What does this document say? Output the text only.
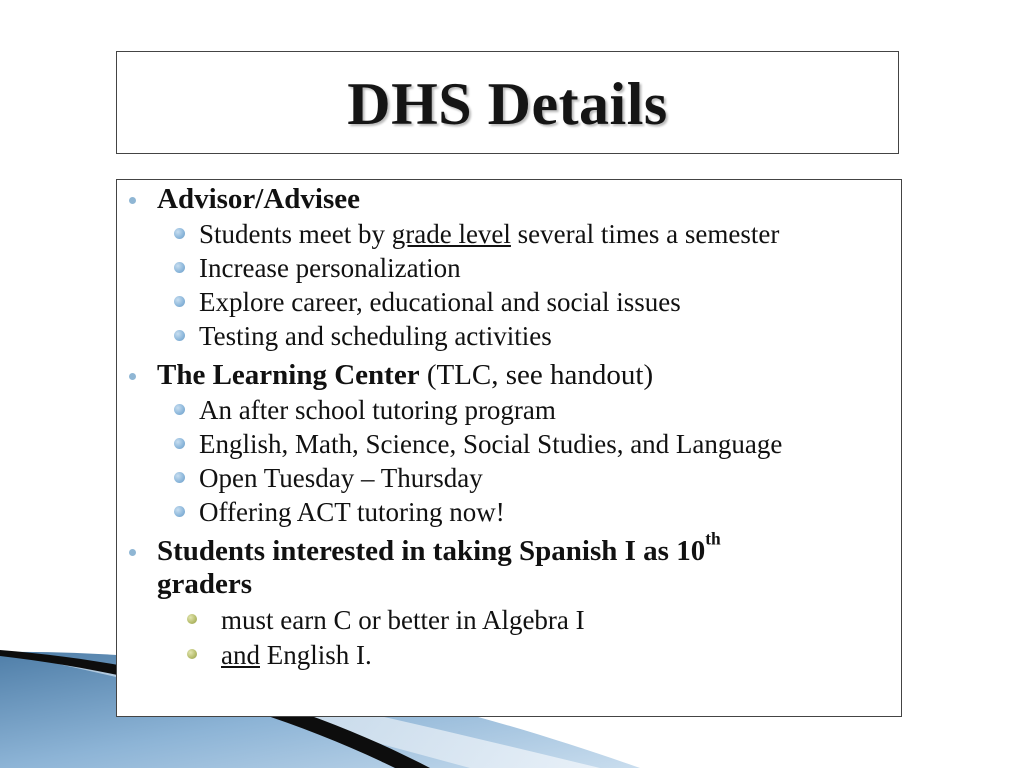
DHS Details
Advisor/Advisee
Students meet by grade level several times a semester
Increase personalization
Explore career, educational and social issues
Testing and scheduling activities
The Learning Center (TLC, see handout)
An after school tutoring program
English, Math, Science, Social Studies, and Language
Open Tuesday – Thursday
Offering ACT tutoring now!
Students interested in taking Spanish I as 10th
graders
must earn C or better in Algebra I
and English I.
